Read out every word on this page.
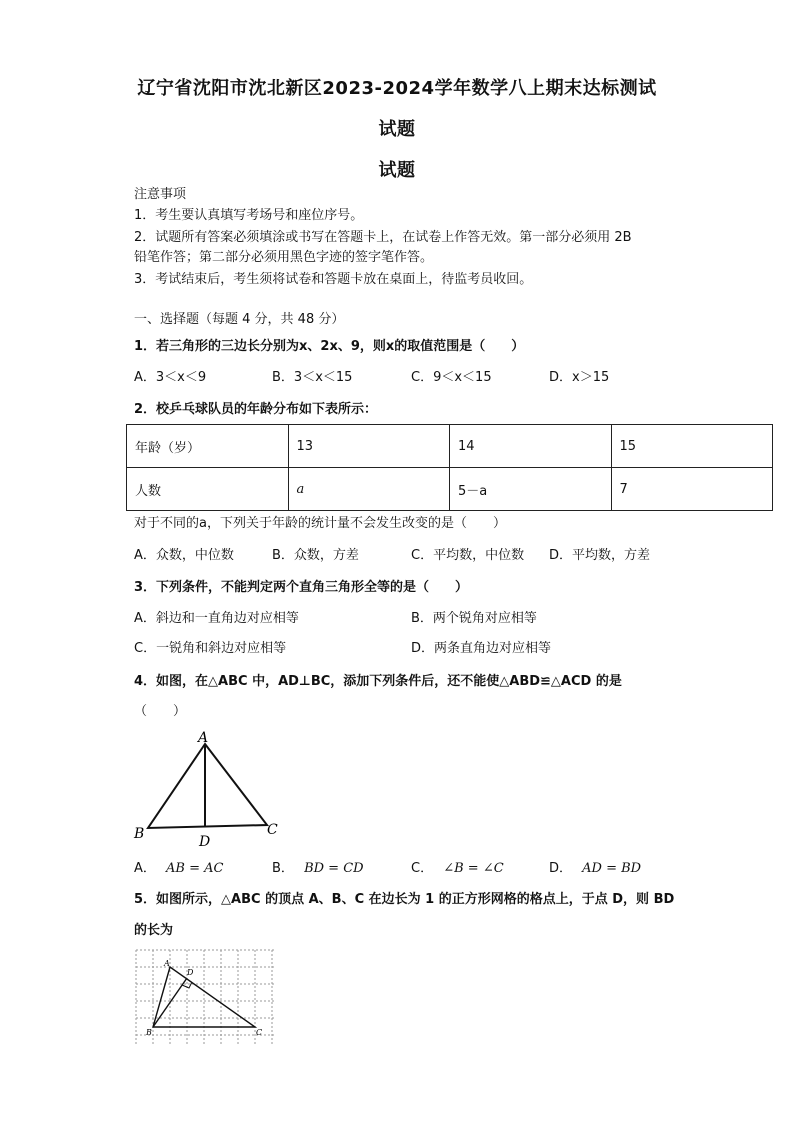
辽宁省沈阳市沈北新区2023-2024学年数学八上期末达标测试
试题
试题
注意事项
1．考生要认真填写考场号和座位序号。
2．试题所有答案必须填涂或书写在答题卡上，在试卷上作答无效。第一部分必须用 2B
铅笔作答；第二部分必须用黑色字迹的签字笔作答。
3．考试结束后，考生须将试卷和答题卡放在桌面上，待监考员收回。
一、选择题（每题 4 分，共 48 分）
1．若三角形的三边长分别为x、2x、9，则x的取值范围是（　　）
A．3＜x＜9	B．3＜x＜15	C．9＜x＜15	D．x＞15
2．校乒乓球队员的年龄分布如下表所示：
年龄（岁）	13	14	15
人数	a	5－a	7
对于不同的a，下列关于年龄的统计量不会发生改变的是（　　）
A．众数，中位数	B．众数，方差	C．平均数，中位数 D．平均数，方差
3．下列条件，不能判定两个直角三角形全等的是（　　）
A．斜边和一直角边对应相等	B．两个锐角对应相等
C．一锐角和斜边对应相等	D．两条直角边对应相等
4．如图，在△ABC 中，AD⊥BC，添加下列条件后，还不能使△ABD≌△ACD 的是
（　　）
A
B	C
D
A． AB = AC	B． BD = CD	C． ∠B = ∠C	D． AD = BD
5．如图所示，△ABC 的顶点 A、B、C 在边长为 1 的正方形网格的格点上，于点 D，则 BD
的长为
A
B	C
D
